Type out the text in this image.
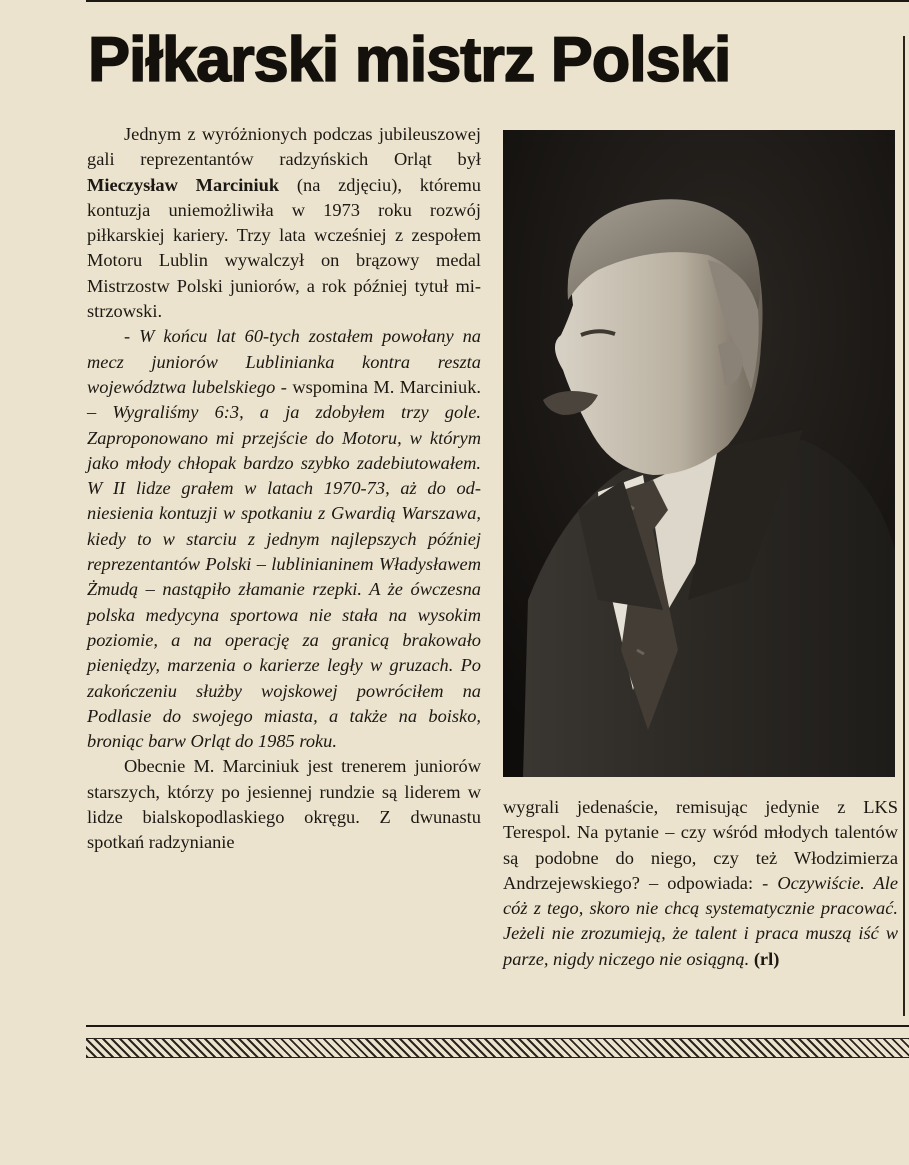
Piłkarski mistrz Polski

Jednym z wyróżnionych podczas jubileuszowej gali reprezentantów radzyńskich Orląt był Mieczysław Marciniuk (na zdjęciu), któremu kontuzja uniemożliwiła w 1973 roku rozwój piłkarskiej kariery. Trzy lata wcześniej z zespołem Motoru Lublin wywalczył on brązowy medal Mistrzostw Polski juniorów, a rok później tytuł mistrzowski.

- W końcu lat 60-tych zostałem powołany na mecz juniorów Lublinianka kontra reszta województwa lubelskiego - wspomina M. Marciniuk. – Wygraliśmy 6:3, a ja zdobyłem trzy gole. Zaproponowano mi przejście do Motoru, w którym jako młody chłopak bardzo szybko zadebiutowałem. W II lidze grałem w latach 1970-73, aż do odniesienia kontuzji w spotkaniu z Gwardią Warszawa, kiedy to w starciu z jednym najlepszych później reprezentantów Polski – lublinianinem Władysławem Żmudą – nastąpiło złamanie rzepki. A że ówczesna polska medycyna sportowa nie stała na wysokim poziomie, a na operację za granicą brakowało pieniędzy, marzenia o karierze legły w gruzach. Po zakończeniu służby wojskowej powróciłem na Podlasie do swojego miasta, a także na boisko, broniąc barw Orląt do 1985 roku.

Obecnie M. Marciniuk jest trenerem juniorów starszych, którzy po jesiennej rundzie są liderem w lidze bialskopodlaskiego okręgu. Z dwunastu spotkań radzynianie

wygrali jedenaście, remisując jedynie z LKS Terespol. Na pytanie – czy wśród młodych talentów są podobne do niego, czy też Włodzimierza Andrzejewskiego? – odpowiada: - Oczywiście. Ale cóż z tego, skoro nie chcą systematycznie pracować. Jeżeli nie zrozumieją, że talent i praca muszą iść w parze, nigdy niczego nie osiągną. (rl)
